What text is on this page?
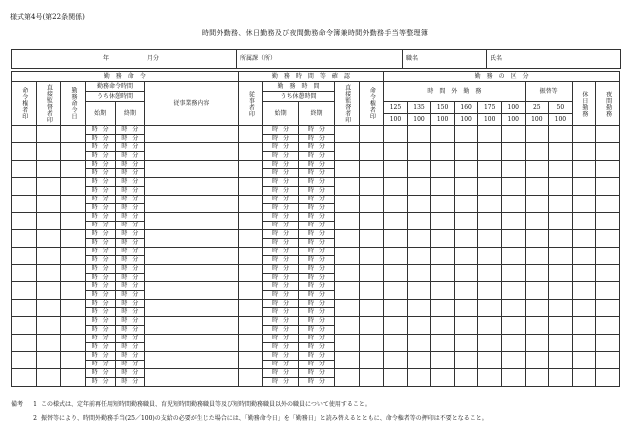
様式第4号(第22条関係)
時間外勤務、休日勤務及び夜間勤務命令簿兼時間外勤務手当等整理簿
年	月分	所属課（所）	職名	氏名
勤　務　命　令						勤　務　時　間　等　確　認					勤　務　の　区　分									

命令権者印	直接監督者印	勤務命令日	勤務命令時間		従事業務内容	従事者印	勤　務　時　間		直接監督者印	命令権者印	時　間　外　勤　務						振替等		休日勤務	夜間勤務

			うち休憩時間				うち休憩時間													
			始期	終期			始期	終期			125	135	150	160	175	100	25	50		
											100	100	100	100	100	100	100	100		
			時 分	時 分			時 分	時 分												
			時 分	時 分			時 分	時 分												
			時 分	時 分			時 分	時 分												
			時 分	時 分			時 分	時 分												
			時 分	時 分			時 分	時 分												
			時 分	時 分			時 分	時 分												
			時 分	時 分			時 分	時 分												
			時 分	時 分			時 分	時 分												
			時 分	時 分			時 分	時 分												
			時 分	時 分			時 分	時 分												
			時 分	時 分			時 分	時 分												
			時 分	時 分			時 分	時 分												
			時 分	時 分			時 分	時 分												
			時 分	時 分			時 分	時 分												
			時 分	時 分			時 分	時 分												
			時 分	時 分			時 分	時 分												
			時 分	時 分			時 分	時 分												
			時 分	時 分			時 分	時 分												
			時 分	時 分			時 分	時 分												
			時 分	時 分			時 分	時 分												
			時 分	時 分			時 分	時 分												
			時 分	時 分			時 分	時 分												
			時 分	時 分			時 分	時 分												
			時 分	時 分			時 分	時 分												
			時 分	時 分			時 分	時 分												
			時 分	時 分			時 分	時 分												
			時 分	時 分			時 分	時 分												
			時 分	時 分			時 分	時 分												
			時 分	時 分			時 分	時 分												
			時 分	時 分			時 分	時 分												
備考 1 この様式は、定年前再任用短時間勤務職員、育児短時間勤務職員等及び短時間勤務職員以外の職員について使用すること。
2 振替等により、時間外勤務手当(25／100)の支給の必要が生じた場合には、「勤務命令日」を「勤務日」と読み替えるとともに、命令権者等の押印は不要となること。
